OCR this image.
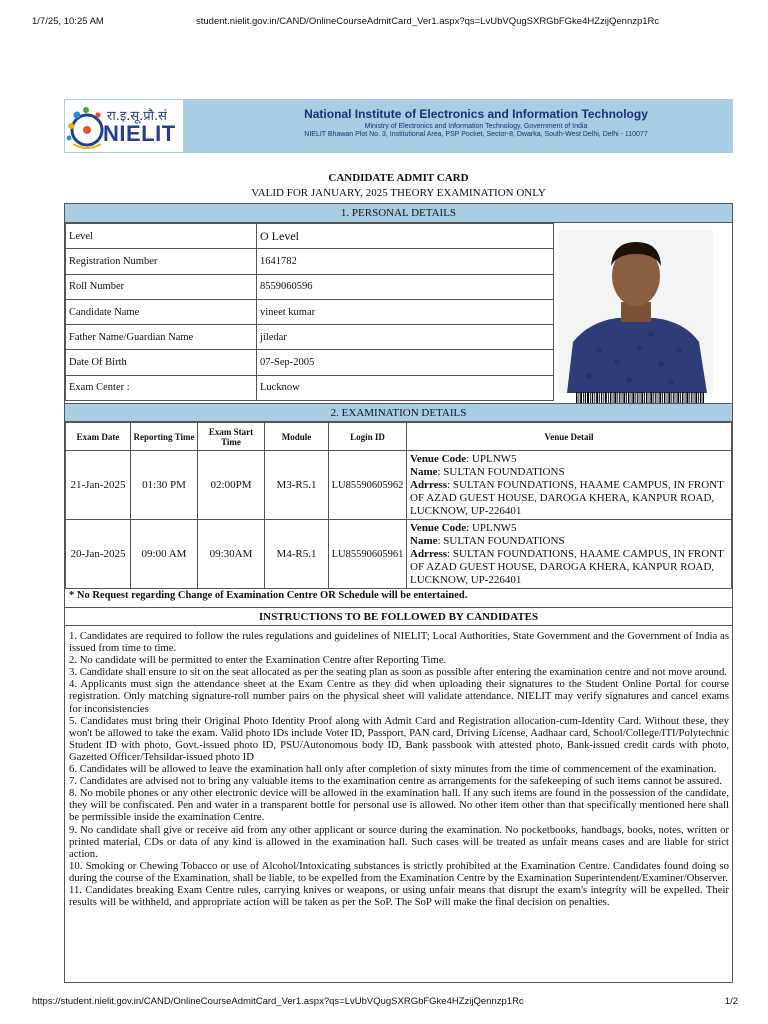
1/7/25, 10:25 AM	student.nielit.gov.in/CAND/OnlineCourseAdmitCard_Ver1.aspx?qs=LvUbVQugSXRGbFGke4HZzijQennzp1Rc
रा.इ.सू.प्रौ.सं
NIELIT
National Institute of Electronics and Information Technology
Ministry of Electronics and Information Technology, Government of India
NIELIT Bhawan Plot No. 3, Institutional Area, PSP Pocket, Sector-8, Dwarka, South-West Delhi, Delhi - 110077
CANDIDATE ADMIT CARD
VALID FOR JANUARY, 2025 THEORY EXAMINATION ONLY
1. PERSONAL DETAILS
Level	O Level
Registration Number	1641782
Roll Number	8559060596
Candidate Name	vineet kumar
Father Name/Guardian Name	jiledar
Date Of Birth	07-Sep-2005
Exam Center :	Lucknow
2. EXAMINATION DETAILS
Exam Date	Reporting Time	Exam Start Time	Module	Login ID	Venue Detail
21-Jan-2025	01:30 PM	02:00PM	M3-R5.1	LU85590605962	Venue Code: UPLNW5
Name: SULTAN FOUNDATIONS
Adrress: SULTAN FOUNDATIONS, HAAME CAMPUS, IN FRONT OF AZAD GUEST HOUSE, DAROGA KHERA, KANPUR ROAD, LUCKNOW, UP-226401

20-Jan-2025	09:00 AM	09:30AM	M4-R5.1	LU85590605961	Venue Code: UPLNW5
Name: SULTAN FOUNDATIONS
Adrress: SULTAN FOUNDATIONS, HAAME CAMPUS, IN FRONT OF AZAD GUEST HOUSE, DAROGA KHERA, KANPUR ROAD, LUCKNOW, UP-226401
* No Request regarding Change of Examination Centre OR Schedule will be entertained.
INSTRUCTIONS TO BE FOLLOWED BY CANDIDATES

1. Candidates are required to follow the rules regulations and guidelines of NIELIT; Local Authorities, State Government and the Government of India as issued from time to time.

2. No candidate will be permitted to enter the Examination Centre after Reporting Time.

3. Candidate shall ensure to sit on the seat allocated as per the seating plan as soon as possible after entering the examination centre and not move around.

4. Applicants must sign the attendance sheet at the Exam Centre as they did when uploading their signatures to the Student Online Portal for course registration. Only matching signature-roll number pairs on the physical sheet will validate attendance. NIELIT may verify signatures and cancel exams for inconsistencies

5. Candidates must bring their Original Photo Identity Proof along with Admit Card and Registration allocation-cum-Identity Card. Without these, they won't be allowed to take the exam. Valid photo IDs include Voter ID, Passport, PAN card, Driving License, Aadhaar card, School/College/ITI/Polytechnic Student ID with photo, Govt.-issued photo ID, PSU/Autonomous body ID, Bank passbook with attested photo, Bank-issued credit cards with photo, Gazetted Officer/Tehsildar-issued photo ID

6. Candidates will be allowed to leave the examination hall only after completion of sixty minutes from the time of commencement of the examination.

7. Candidates are advised not to bring any valuable items to the examination centre as arrangements for the safekeeping of such items cannot be assured.

8. No mobile phones or any other electronic device will be allowed in the examination hall. If any such items are found in the possession of the candidate, they will be confiscated. Pen and water in a transparent bottle for personal use is allowed. No other item other than that specifically mentioned here shall be permissible inside the examination Centre.

9. No candidate shall give or receive aid from any other applicant or source during the examination. No pocketbooks, handbags, books, notes, written or printed material, CDs or data of any kind is allowed in the examination hall. Such cases will be treated as unfair means cases and are liable for strict action.

10. Smoking or Chewing Tobacco or use of Alcohol/Intoxicating substances is strictly prohibited at the Examination Centre. Candidates found doing so during the course of the Examination, shall be liable, to be expelled from the Examination Centre by the Examination Superintendent/Examiner/Observer.

11. Candidates breaking Exam Centre rules, carrying knives or weapons, or using unfair means that disrupt the exam's integrity will be expelled. Their results will be withheld, and appropriate action will be taken as per the SoP. The SoP will make the final decision on penalties.

https://student.nielit.gov.in/CAND/OnlineCourseAdmitCard_Ver1.aspx?qs=LvUbVQugSXRGbFGke4HZzijQennzp1Rc	1/2
